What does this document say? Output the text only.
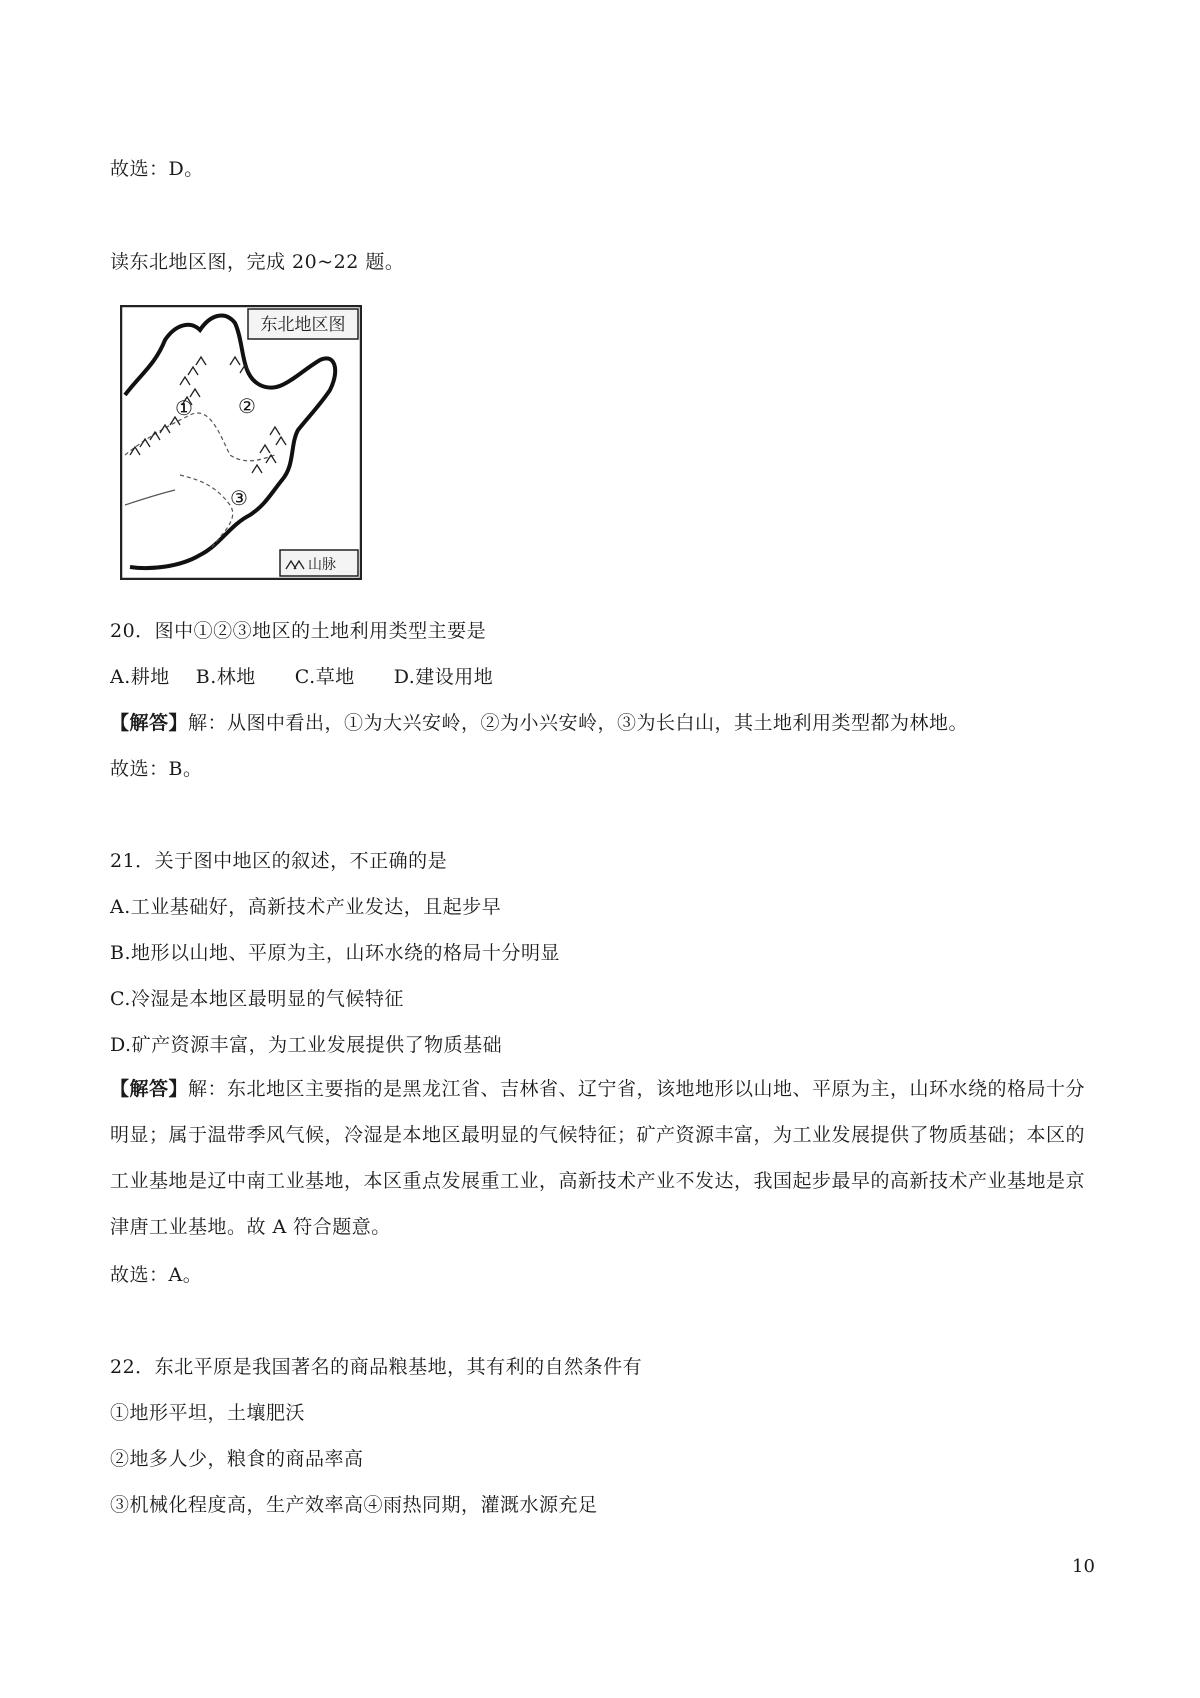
故选：D。
读东北地区图，完成 20~22 题。
东北地区图
① ②
③
山脉
20．图中①②③地区的土地利用类型主要是
A.耕地　 B.林地　　C.草地　　D.建设用地
【解答】解：从图中看出，①为大兴安岭，②为小兴安岭，③为长白山，其土地利用类型都为林地。
故选：B。
21．关于图中地区的叙述，不正确的是
A.工业基础好，高新技术产业发达，且起步早
B.地形以山地、平原为主，山环水绕的格局十分明显
C.冷湿是本地区最明显的气候特征
D.矿产资源丰富，为工业发展提供了物质基础
【解答】解：东北地区主要指的是黑龙江省、吉林省、辽宁省，该地地形以山地、平原为主，山环水绕的格局十分明显；属于温带季风气候，冷湿是本地区最明显的气候特征；矿产资源丰富，为工业发展提供了物质基础；本区的工业基地是辽中南工业基地，本区重点发展重工业，高新技术产业不发达，我国起步最早的高新技术产业基地是京津唐工业基地。故 A 符合题意。
故选：A。
22．东北平原是我国著名的商品粮基地，其有利的自然条件有
①地形平坦，土壤肥沃
②地多人少，粮食的商品率高
③机械化程度高，生产效率高④雨热同期，灌溉水源充足
10
